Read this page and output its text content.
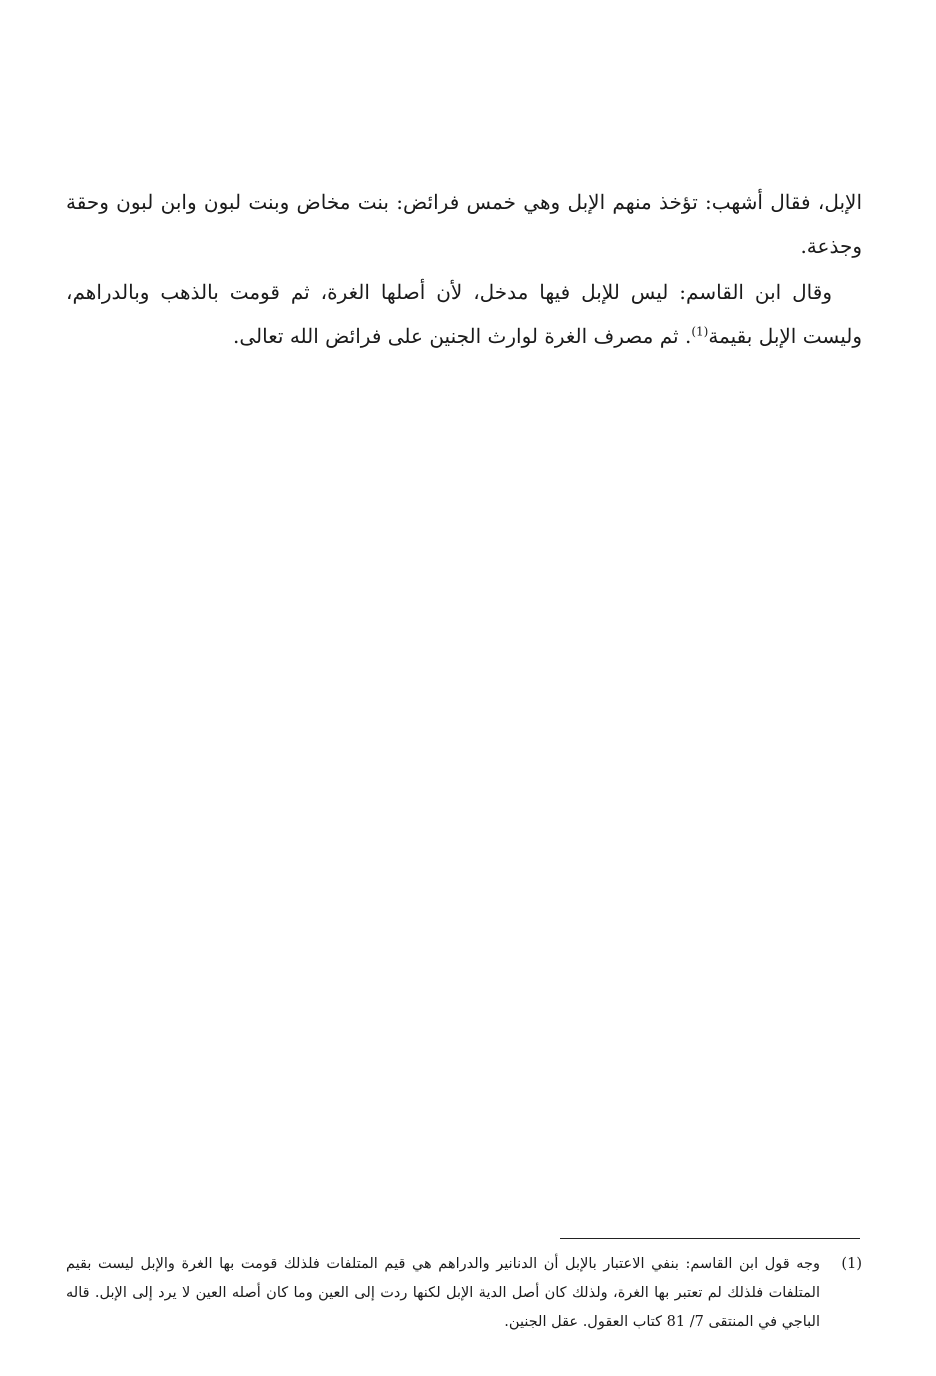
الإبل، فقال أشهب: تؤخذ منهم الإبل وهي خمس فرائض: بنت مخاض وبنت لبون وابن لبون وحقة وجذعة.

وقال ابن القاسم: ليس للإبل فيها مدخل، لأن أصلها الغرة، ثم قومت بالذهب وبالدراهم، وليست الإبل بقيمة$^{(1)}$. ثم مصرف الغرة لوارث الجنين على فرائض الله تعالى.

(1)
وجه قول ابن القاسم: بنفي الاعتبار بالإبل أن الدنانير والدراهم هي قيم المتلفات فلذلك قومت بها الغرة والإبل ليست بقيم المتلفات فلذلك لم تعتبر بها الغرة، ولذلك كان أصل الدية الإبل لكنها ردت إلى العين وما كان أصله العين لا يرد إلى الإبل. قاله الباجي في المنتقى 7/ 81 كتاب العقول. عقل الجنين.
